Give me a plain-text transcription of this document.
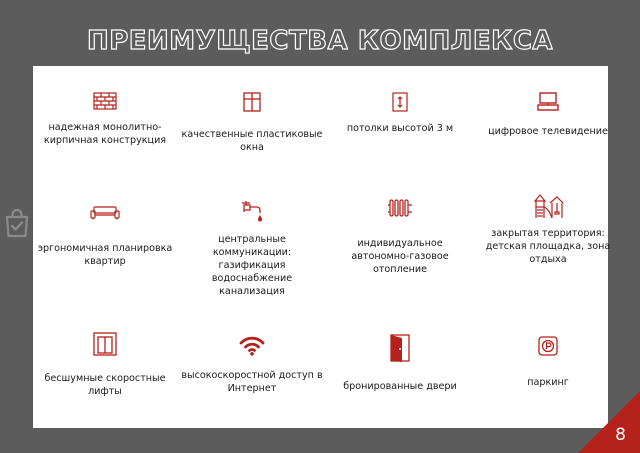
ПРЕИМУЩЕСТВА КОМПЛЕКСА
надежная монолитно-кирпичная конструкция
качественные пластиковые окна
потолки высотой 3 м	цифровое телевидение
эргономичная планировка квартир
центральные коммуникации: газификация водоснабжение канализация
индивидуальное автономно-газовое отопление
закрытая территория: детская площадка, зона отдыха
бесшумные скоростные лифты
высокоскоростной доступ в Интернет	бронированные двери	паркинг
8
